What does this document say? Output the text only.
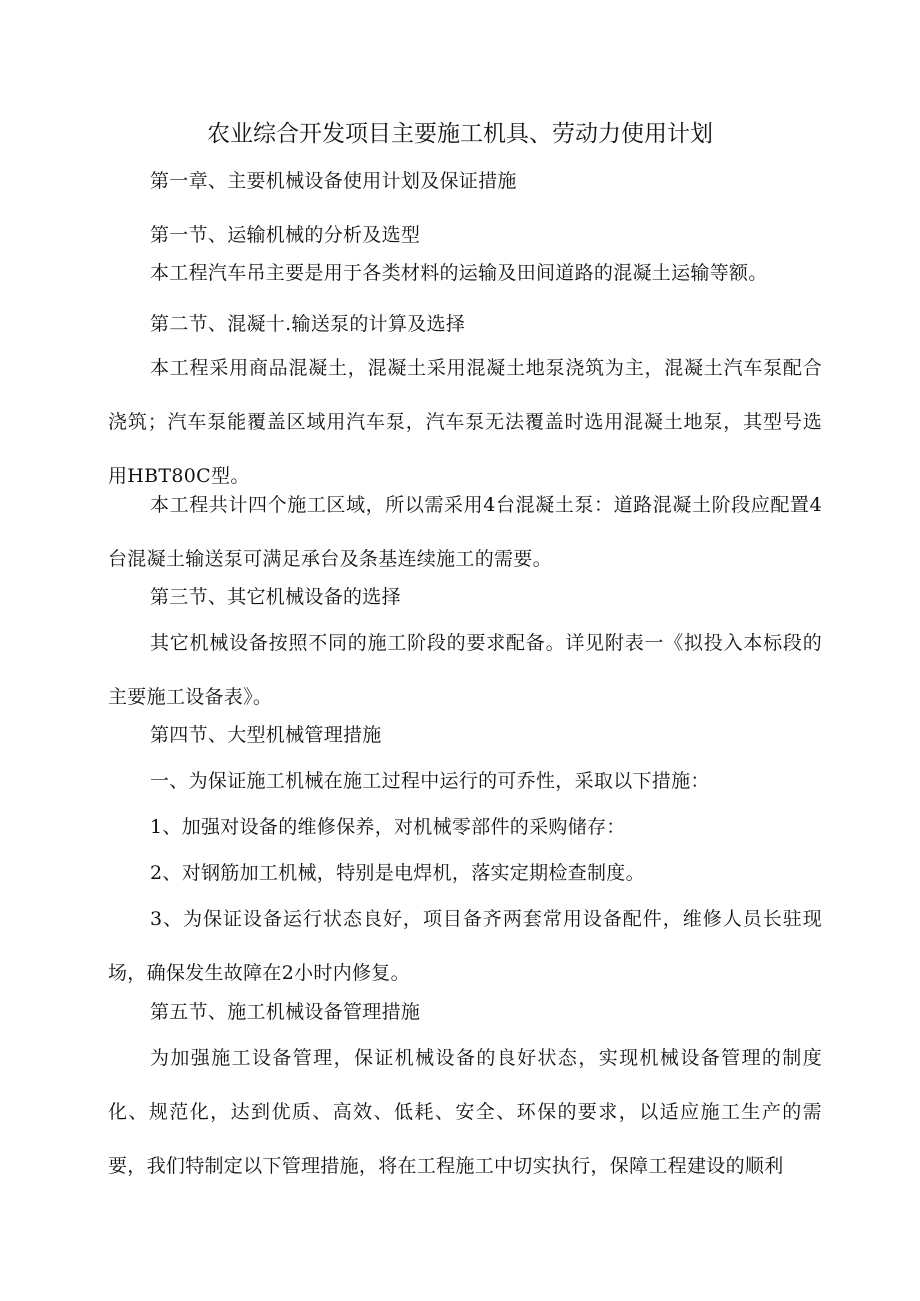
农业综合开发项目主要施工机具、劳动力使用计划

第一章、主要机械设备使用计划及保证措施

第一节、运输机械的分析及选型

本工程汽车吊主要是用于各类材料的运输及田间道路的混凝土运输等额。

第二节、混凝十.输送泵的计算及选择

本工程采用商品混凝土，混凝土采用混凝土地泵浇筑为主，混凝土汽车泵配合浇筑；汽车泵能覆盖区域用汽车泵，汽车泵无法覆盖时选用混凝土地泵，其型号选用HBT80C型。

本工程共计四个施工区域，所以需采用4台混凝土泵：道路混凝土阶段应配置4台混凝土输送泵可满足承台及条基连续施工的需要。

第三节、其它机械设备的选择

其它机械设备按照不同的施工阶段的要求配备。详见附表一《拟投入本标段的主要施工设备表》。

第四节、大型机械管理措施

一、为保证施工机械在施工过程中运行的可乔性，采取以下措施：

1、加强对设备的维修保养，对机械零部件的采购储存：

2、对钢筋加工机械，特别是电焊机，落实定期检查制度。

3、为保证设备运行状态良好，项目备齐两套常用设备配件，维修人员长驻现场，确保发生故障在2小时内修复。

第五节、施工机械设备管理措施

为加强施工设备管理，保证机械设备的良好状态，实现机械设备管理的制度化、规范化，达到优质、高效、低耗、安全、环保的要求，以适应施工生产的需要，我们特制定以下管理措施，将在工程施工中切实执行，保障工程建设的顺利
